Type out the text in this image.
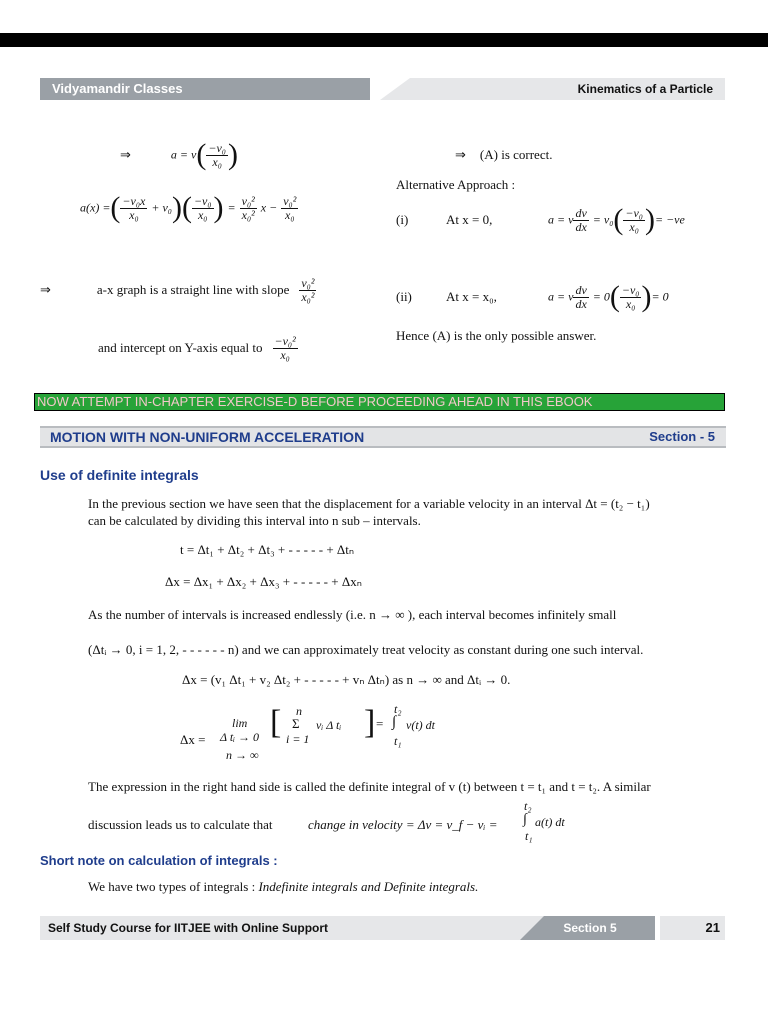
Vidyamandir Classes	Kinematics of a Particle
⇒	$a = v( \frac{\text{−v₀}}{\text{x₀}}$ )
a(x) =( $\frac{\text{−v₀x}}{\text{x₀}} + v_0)( \frac{\text{−v₀}}{\text{x₀}}$ ) = $\frac{\text{v₀²}}{\text{x₀²}}$ $x - \frac{\text{v₀²}}{\text{x₀}}$
⇒	a-x graph is a straight line with slope $\frac{\text{v₀²}}{\text{x₀²}}$
and intercept on Y-axis equal to $\frac{\text{−v₀²}}{\text{x₀}}$
⇒ (A) is correct.
Alternative Approach :
(i)	At x = 0,	a = v $\frac{dv}{dx} = v_0( \frac{\text{−v₀}}{\text{x₀}}$ )= −ve
(ii)	At x = x₀,	a = v $\frac{dv}{dx} = 0( \frac{\text{−v₀}}{\text{x₀}}$ )= 0
Hence (A) is the only possible answer.
NOW ATTEMPT IN-CHAPTER EXERCISE-D BEFORE PROCEEDING AHEAD IN THIS EBOOK
MOTION WITH NON-UNIFORM ACCELERATION	Section - 5
Use of definite integrals
In the previous section we have seen that the displacement for a variable velocity in an interval Δt = (t₂ − t₁)
can be calculated by dividing this interval into n sub – intervals.
t = Δt₁ + Δt₂ + Δt₃ + - - - - - + Δtₙ
Δx = Δx₁ + Δx₂ + Δx₃ + - - - - - + Δxₙ
As the number of intervals is increased endlessly (i.e. n → ∞ ), each interval becomes infinitely small
(Δtᵢ → 0, i = 1, 2, - - - - - - n) and we can approximately treat velocity as constant during one such interval.
Δx = (v₁ Δt₁ + v₂ Δt₂ + - - - - - + vₙ Δtₙ) as n → ∞ and Δtᵢ → 0.
Δx =
lim
Δ tᵢ → 0
n → ∞
[ n
Σ
i = 1
vᵢ Δ tᵢ ] =
t₂
∫
t₁
v(t) dt
The expression in the right hand side is called the definite integral of v (t) between t = t₁ and t = t₂. A similar
discussion leads us to calculate that	change in velocity = Δv = v_f − vᵢ =
t₂
∫
t₁
a(t) dt
Short note on calculation of integrals :
We have two types of integrals : Indefinite integrals and Definite integrals.
Self Study Course for IITJEE with Online Support	Section 5	21
